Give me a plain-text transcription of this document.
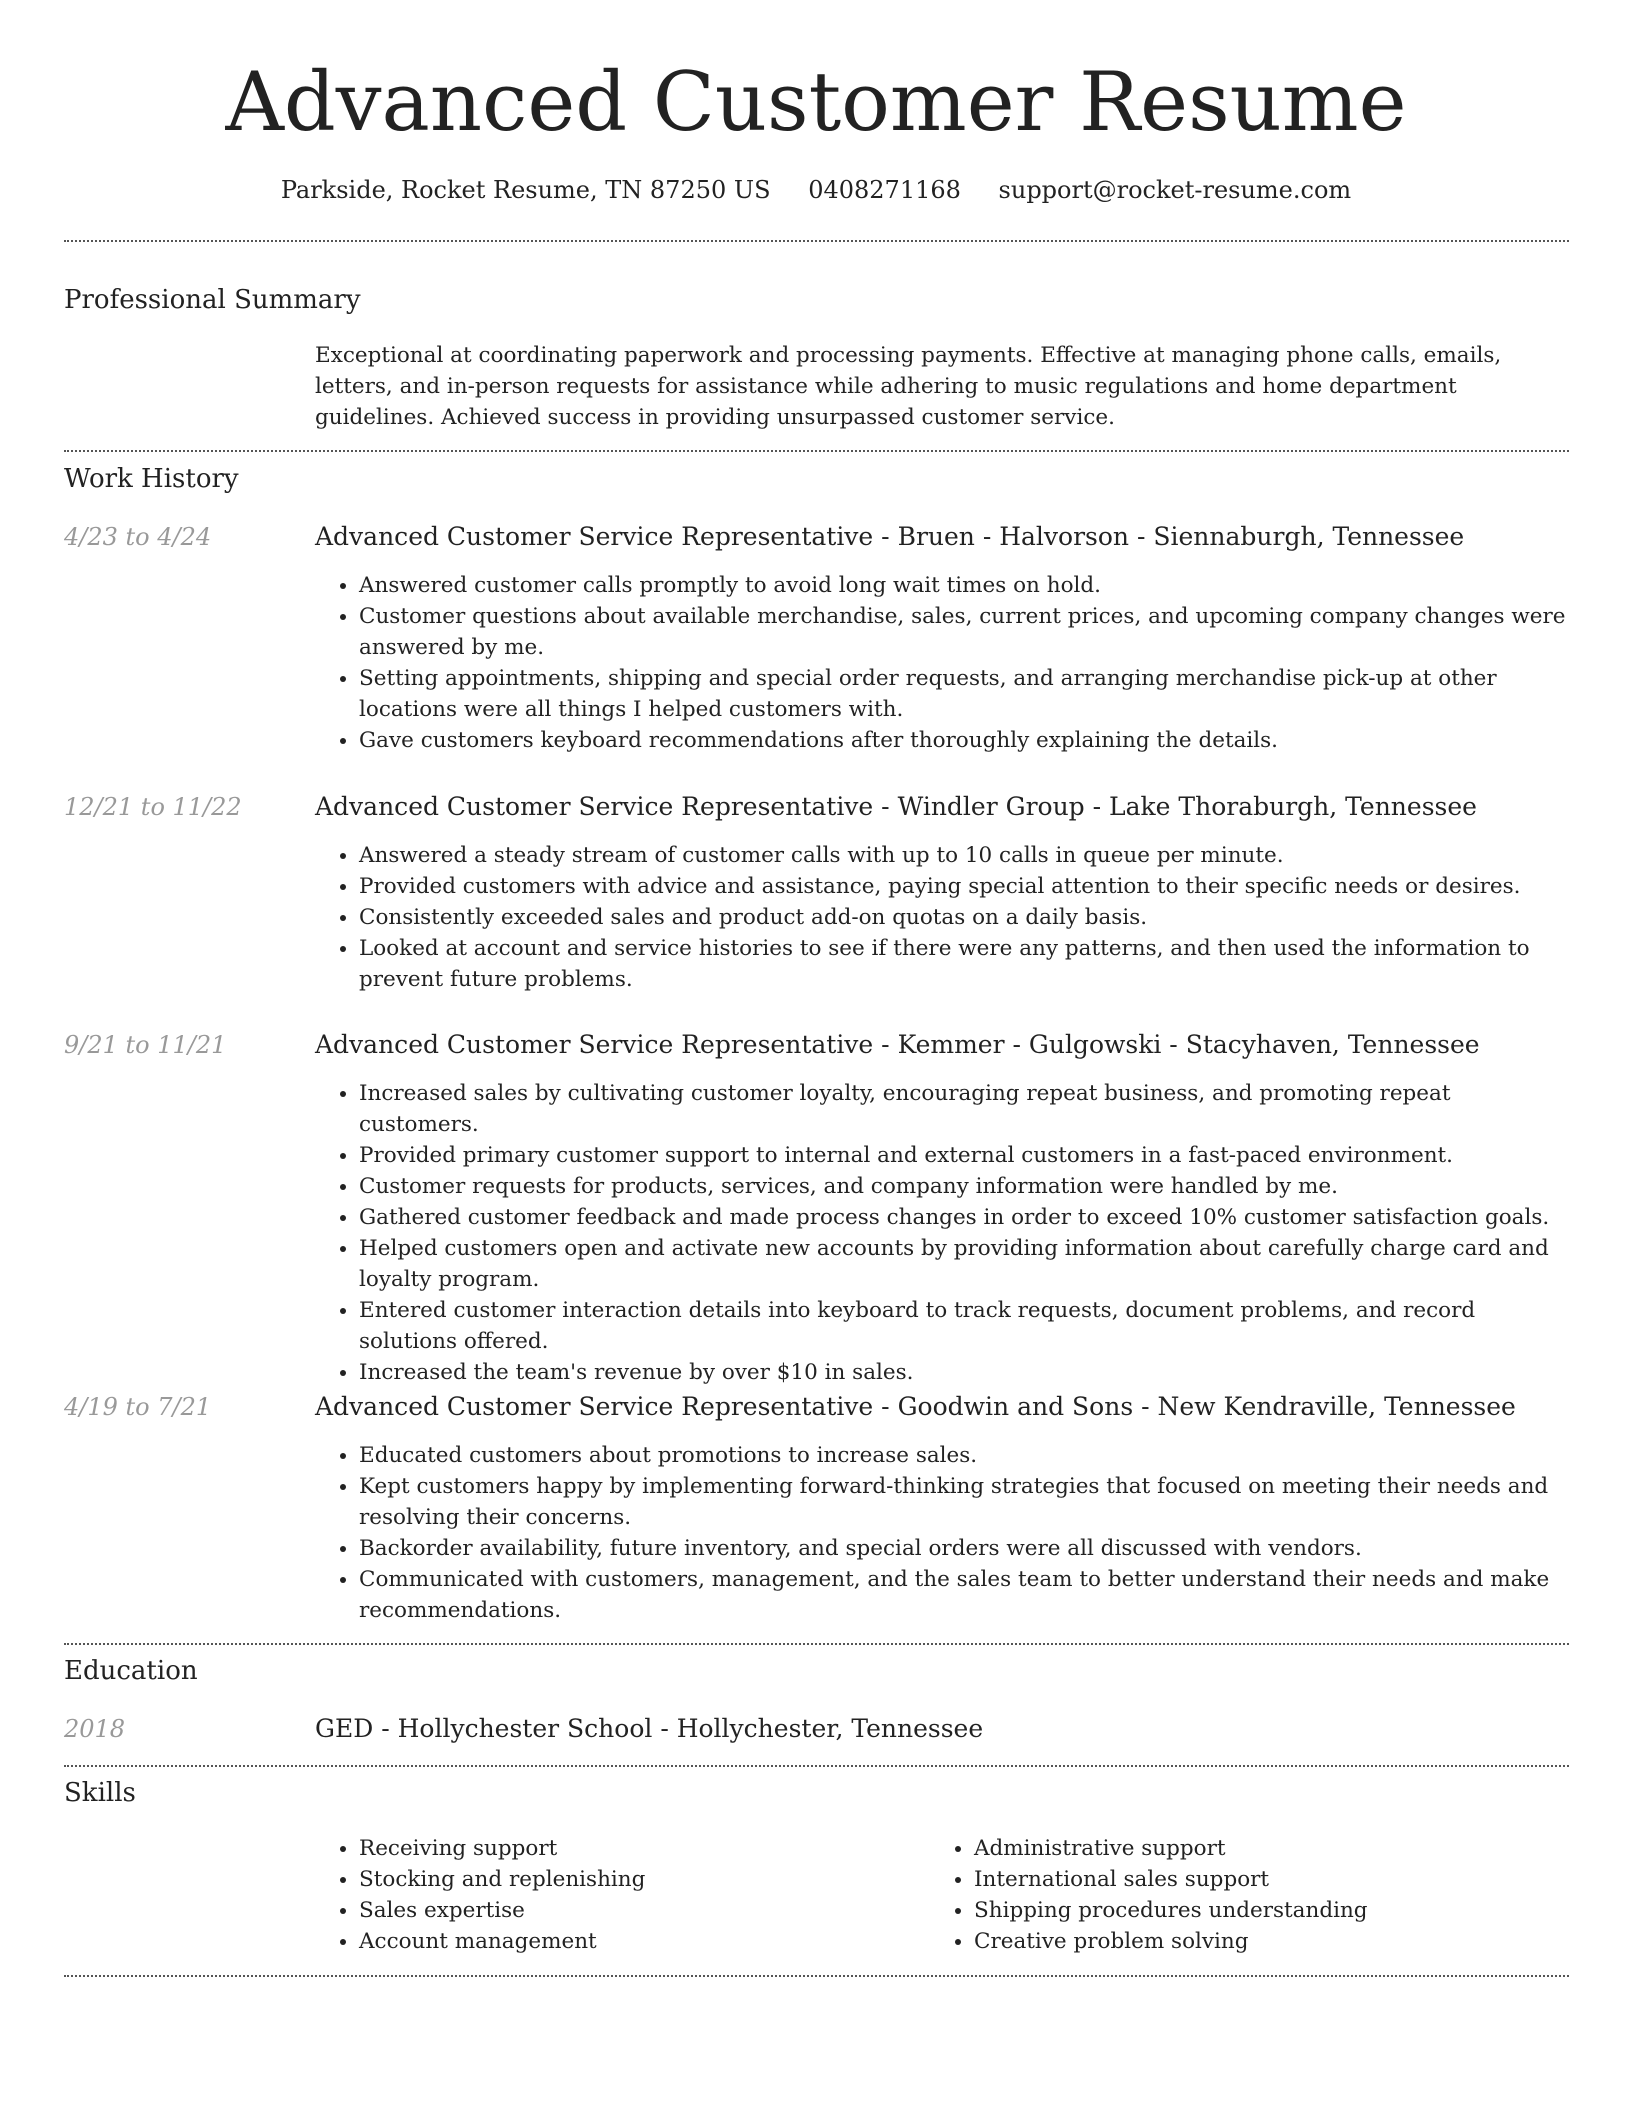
Advanced Customer Resume
Parkside, Rocket Resume, TN 87250 US 0408271168 support@rocket-resume.com
Professional Summary
Exceptional at coordinating paperwork and processing payments. Effective at managing phone calls, emails, letters, and in-person requests for assistance while adhering to music regulations and home department guidelines. Achieved success in providing unsurpassed customer service.
Work History
4/23 to 4/24	Advanced Customer Service Representative - Bruen - Halvorson - Siennaburgh, Tennessee
• Answered customer calls promptly to avoid long wait times on hold.
• Customer questions about available merchandise, sales, current prices, and upcoming company changes were answered by me.
• Setting appointments, shipping and special order requests, and arranging merchandise pick-up at other locations were all things I helped customers with.
• Gave customers keyboard recommendations after thoroughly explaining the details.
12/21 to 11/22	Advanced Customer Service Representative - Windler Group - Lake Thoraburgh, Tennessee
• Answered a steady stream of customer calls with up to 10 calls in queue per minute.
• Provided customers with advice and assistance, paying special attention to their specific needs or desires.
• Consistently exceeded sales and product add-on quotas on a daily basis.
• Looked at account and service histories to see if there were any patterns, and then used the information to prevent future problems.
9/21 to 11/21	Advanced Customer Service Representative - Kemmer - Gulgowski - Stacyhaven, Tennessee
• Increased sales by cultivating customer loyalty, encouraging repeat business, and promoting repeat customers.
• Provided primary customer support to internal and external customers in a fast-paced environment.
• Customer requests for products, services, and company information were handled by me.
• Gathered customer feedback and made process changes in order to exceed 10% customer satisfaction goals.
• Helped customers open and activate new accounts by providing information about carefully charge card and loyalty program.
• Entered customer interaction details into keyboard to track requests, document problems, and record solutions offered.
• Increased the team's revenue by over $10 in sales.
4/19 to 7/21	Advanced Customer Service Representative - Goodwin and Sons - New Kendraville, Tennessee
• Educated customers about promotions to increase sales.
• Kept customers happy by implementing forward-thinking strategies that focused on meeting their needs and resolving their concerns.
• Backorder availability, future inventory, and special orders were all discussed with vendors.
• Communicated with customers, management, and the sales team to better understand their needs and make recommendations.
Education
2018	GED - Hollychester School - Hollychester, Tennessee
Skills
• Receiving support
• Stocking and replenishing
• Sales expertise
• Account management
• Administrative support
• International sales support
• Shipping procedures understanding
• Creative problem solving
